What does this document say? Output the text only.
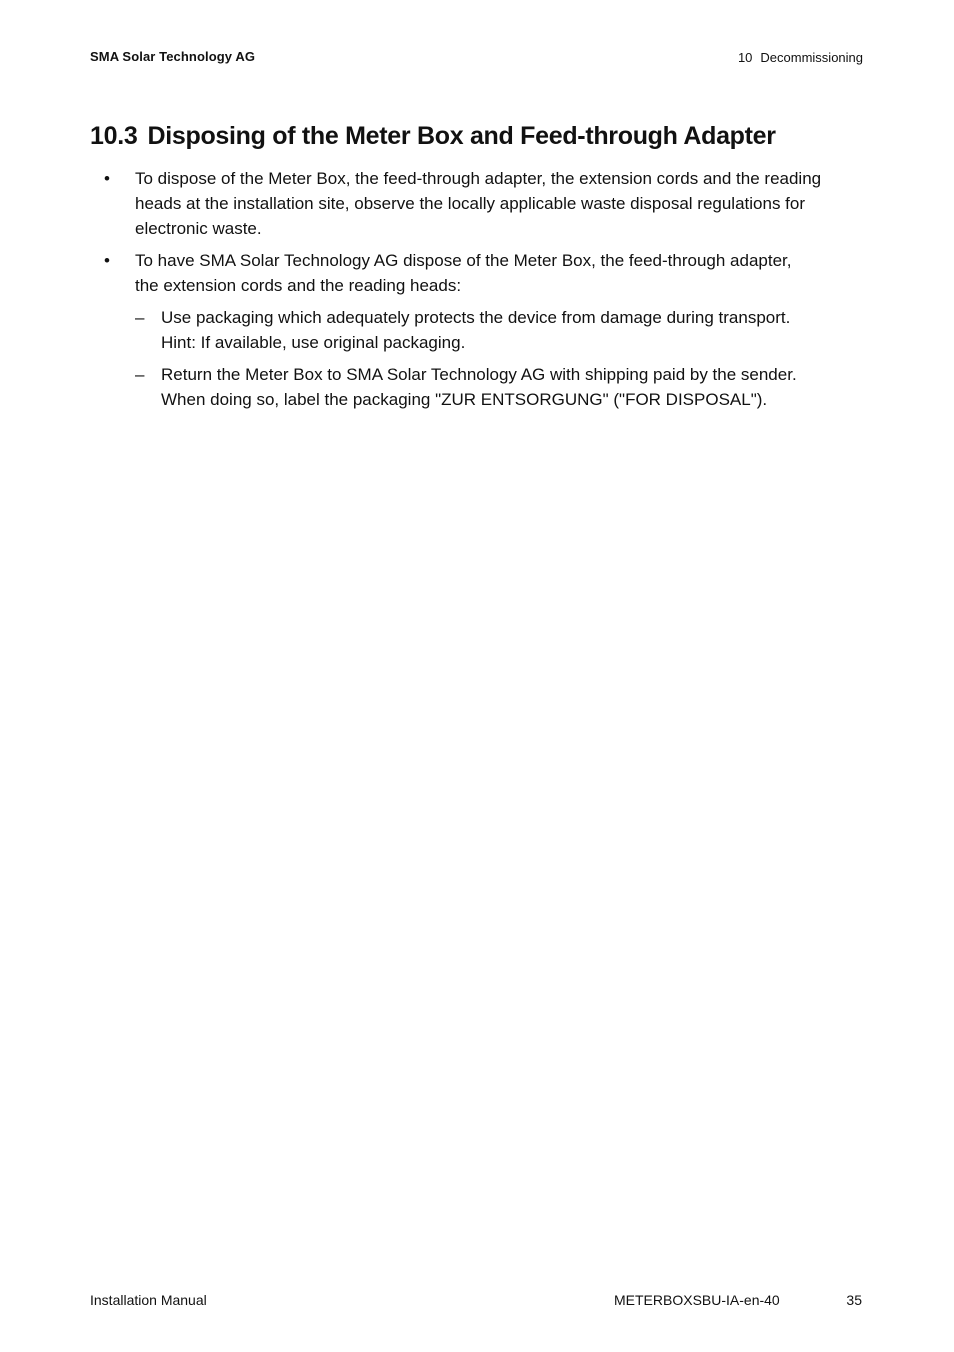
SMA Solar Technology AG	10 Decommissioning
10.3 Disposing of the Meter Box and Feed-through Adapter
• To dispose of the Meter Box, the feed-through adapter, the extension cords and the reading
heads at the installation site, observe the locally applicable waste disposal regulations for
electronic waste.
• To have SMA Solar Technology AG dispose of the Meter Box, the feed-through adapter,
the extension cords and the reading heads:
– Use packaging which adequately protects the device from damage during transport.
Hint: If available, use original packaging.
– Return the Meter Box to SMA Solar Technology AG with shipping paid by the sender.
When doing so, label the packaging "ZUR ENTSORGUNG" ("FOR DISPOSAL").
Installation Manual	METERBOXSBU-IA-en-40	35
